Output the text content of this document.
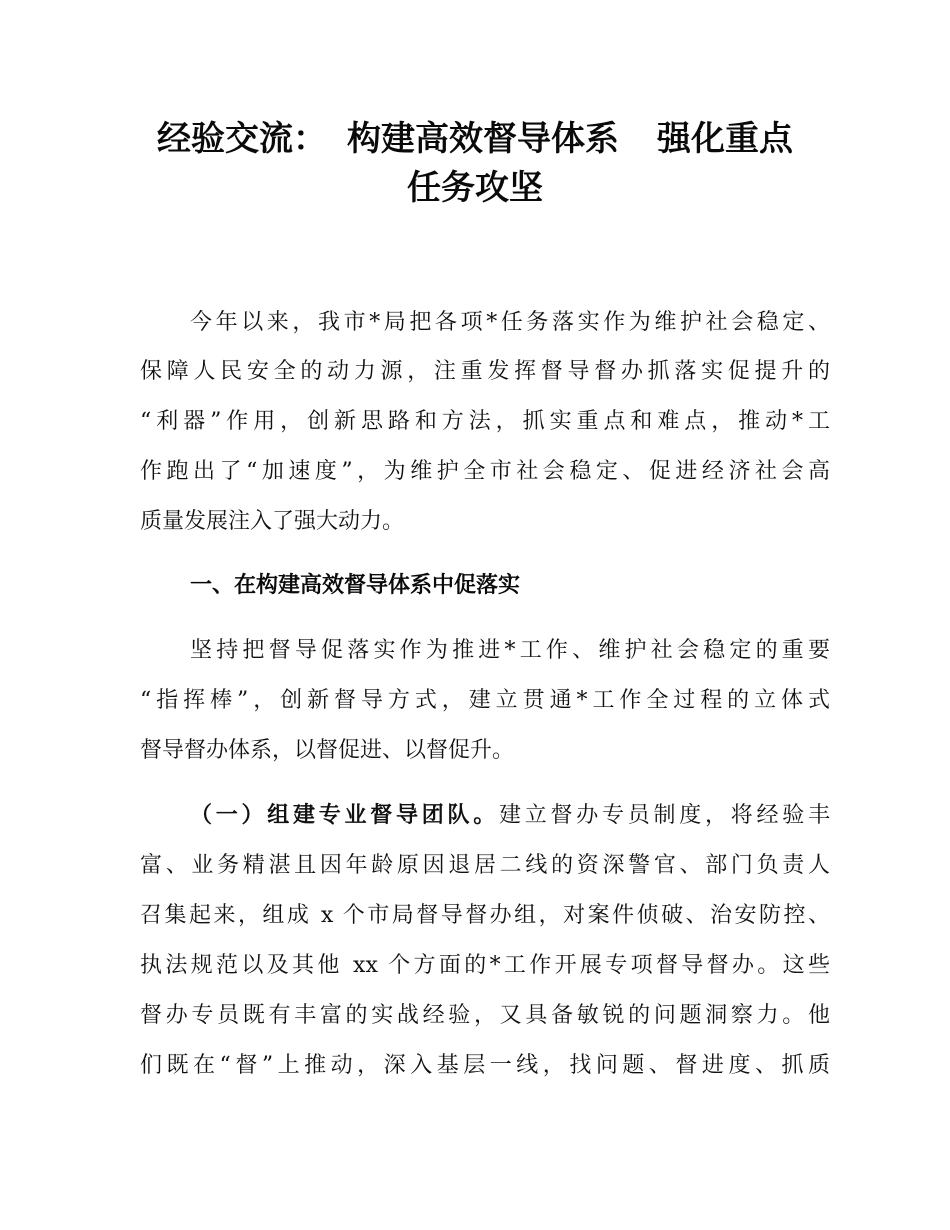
经验交流： 构建高效督导体系 强化重点
任务攻坚
今年以来，我市*局把各项*任务落实作为维护社会稳定、
保障人民安全的动力源，注重发挥督导督办抓落实促提升的
“利器”作用，创新思路和方法，抓实重点和难点，推动*工
作跑出了“加速度”，为维护全市社会稳定、促进经济社会高
质量发展注入了强大动力。
一、在构建高效督导体系中促落实
坚持把督导促落实作为推进*工作、维护社会稳定的重要
“指挥棒”，创新督导方式，建立贯通*工作全过程的立体式
督导督办体系，以督促进、以督促升。
（一）组建专业督导团队。建立督办专员制度，将经验丰
富、业务精湛且因年龄原因退居二线的资深警官、部门负责人
召集起来，组成 x 个市局督导督办组，对案件侦破、治安防控、
执法规范以及其他 xx 个方面的*工作开展专项督导督办。这些
督办专员既有丰富的实战经验，又具备敏锐的问题洞察力。他
们既在“督”上推动，深入基层一线，找问题、督进度、抓质
